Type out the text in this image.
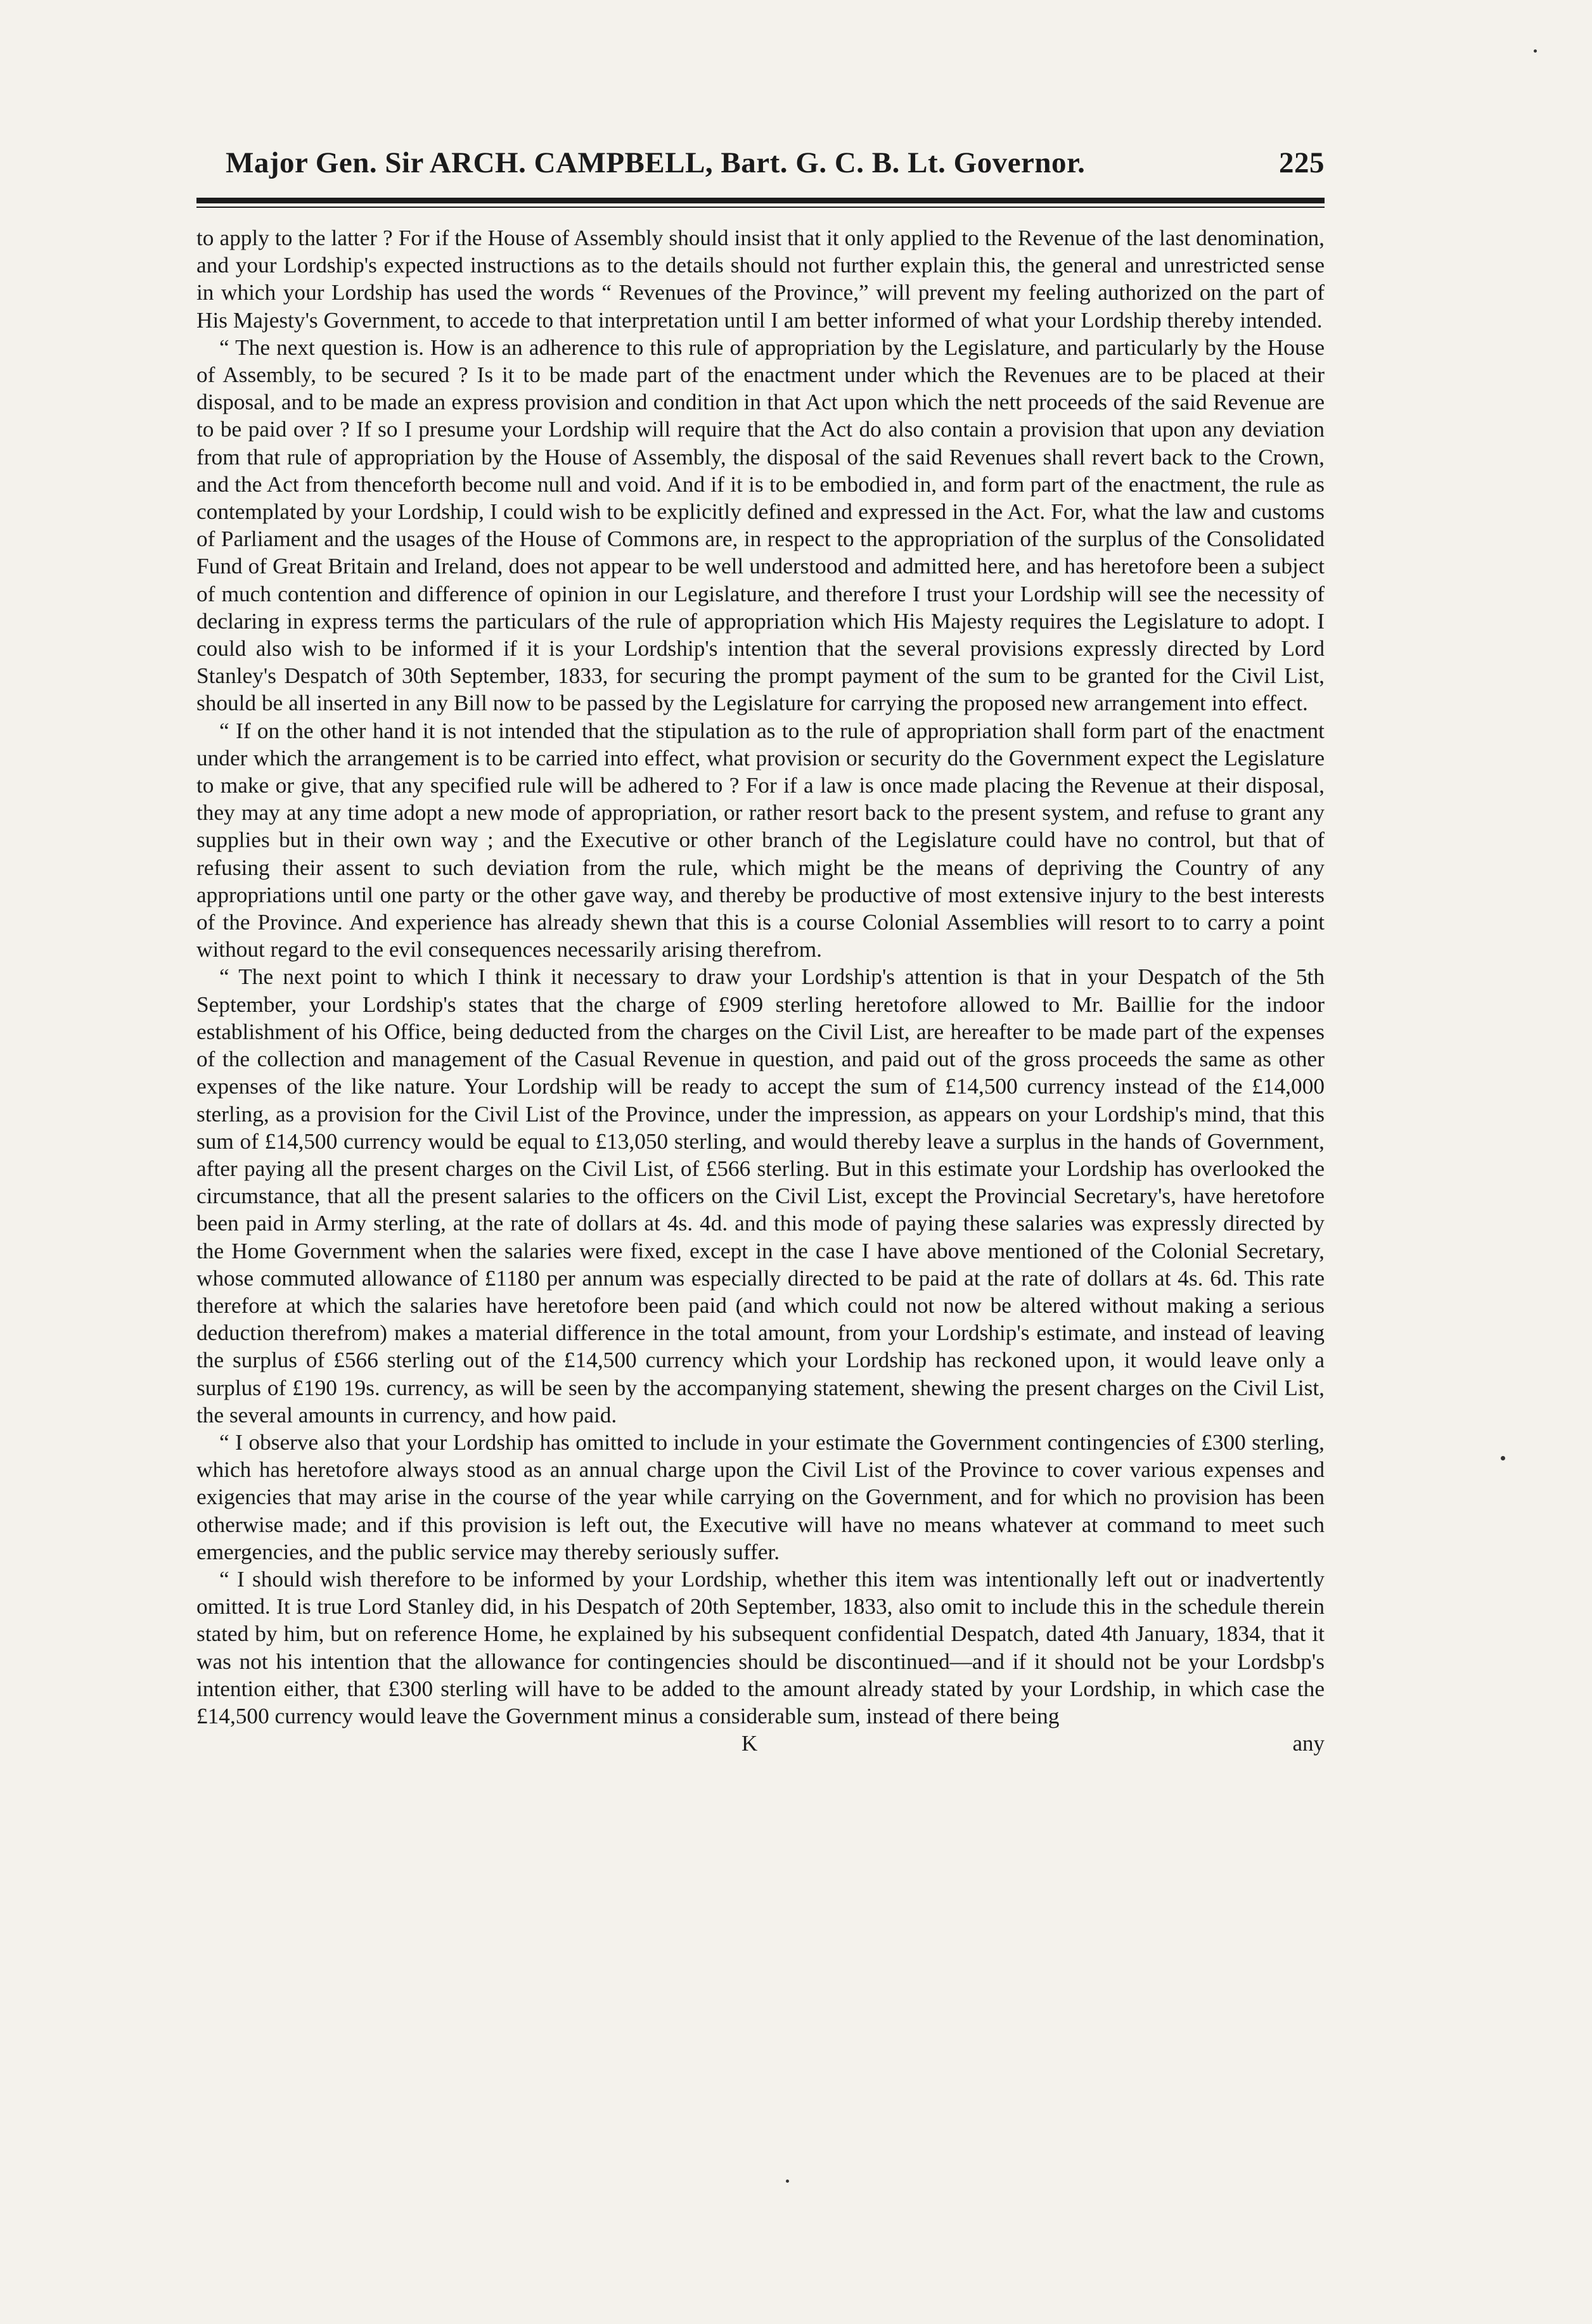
Major Gen. Sir ARCH. CAMPBELL, Bart. G. C. B. Lt. Governor.	225

to apply to the latter ? For if the House of Assembly should insist that it only applied to the Revenue of the last denomination, and your Lordship's expected instructions as to the details should not further explain this, the general and unrestricted sense in which your Lordship has used the words “ Revenues of the Province,” will prevent my feeling authorized on the part of His Majesty's Government, to accede to that interpretation until I am better informed of what your Lordship thereby intended.

“ The next question is. How is an adherence to this rule of appropriation by the Legislature, and particularly by the House of Assembly, to be secured ? Is it to be made part of the enactment under which the Revenues are to be placed at their disposal, and to be made an express provision and condition in that Act upon which the nett proceeds of the said Revenue are to be paid over ? If so I presume your Lordship will require that the Act do also contain a provision that upon any deviation from that rule of appropriation by the House of Assembly, the disposal of the said Revenues shall revert back to the Crown, and the Act from thenceforth become null and void. And if it is to be embodied in, and form part of the enactment, the rule as contemplated by your Lordship, I could wish to be explicitly defined and expressed in the Act. For, what the law and customs of Parliament and the usages of the House of Commons are, in respect to the appropriation of the surplus of the Consolidated Fund of Great Britain and Ireland, does not appear to be well understood and admitted here, and has heretofore been a subject of much contention and difference of opinion in our Legislature, and therefore I trust your Lordship will see the necessity of declaring in express terms the particulars of the rule of appropriation which His Majesty requires the Legislature to adopt. I could also wish to be informed if it is your Lordship's intention that the several provisions expressly directed by Lord Stanley's Despatch of 30th September, 1833, for securing the prompt payment of the sum to be granted for the Civil List, should be all inserted in any Bill now to be passed by the Legislature for carrying the proposed new arrangement into effect.

“ If on the other hand it is not intended that the stipulation as to the rule of appropriation shall form part of the enactment under which the arrangement is to be carried into effect, what provision or security do the Government expect the Legislature to make or give, that any specified rule will be adhered to ? For if a law is once made placing the Revenue at their disposal, they may at any time adopt a new mode of appropriation, or rather resort back to the present system, and refuse to grant any supplies but in their own way ; and the Executive or other branch of the Legislature could have no control, but that of refusing their assent to such deviation from the rule, which might be the means of depriving the Country of any appropriations until one party or the other gave way, and thereby be productive of most extensive injury to the best interests of the Province. And experience has already shewn that this is a course Colonial Assemblies will resort to to carry a point without regard to the evil consequences necessarily arising therefrom.

“ The next point to which I think it necessary to draw your Lordship's attention is that in your Despatch of the 5th September, your Lordship's states that the charge of £909 sterling heretofore allowed to Mr. Baillie for the indoor establishment of his Office, being deducted from the charges on the Civil List, are hereafter to be made part of the expenses of the collection and management of the Casual Revenue in question, and paid out of the gross proceeds the same as other expenses of the like nature. Your Lordship will be ready to accept the sum of £14,500 currency instead of the £14,000 sterling, as a provision for the Civil List of the Province, under the impression, as appears on your Lordship's mind, that this sum of £14,500 currency would be equal to £13,050 sterling, and would thereby leave a surplus in the hands of Government, after paying all the present charges on the Civil List, of £566 sterling. But in this estimate your Lordship has overlooked the circumstance, that all the present salaries to the officers on the Civil List, except the Provincial Secretary's, have heretofore been paid in Army sterling, at the rate of dollars at 4s. 4d. and this mode of paying these salaries was expressly directed by the Home Government when the salaries were fixed, except in the case I have above mentioned of the Colonial Secretary, whose commuted allowance of £1180 per annum was especially directed to be paid at the rate of dollars at 4s. 6d. This rate therefore at which the salaries have heretofore been paid (and which could not now be altered without making a serious deduction therefrom) makes a material difference in the total amount, from your Lordship's estimate, and instead of leaving the surplus of £566 sterling out of the £14,500 currency which your Lordship has reckoned upon, it would leave only a surplus of £190 19s. currency, as will be seen by the accompanying statement, shewing the present charges on the Civil List, the several amounts in currency, and how paid.

“ I observe also that your Lordship has omitted to include in your estimate the Government contingencies of £300 sterling, which has heretofore always stood as an annual charge upon the Civil List of the Province to cover various expenses and exigencies that may arise in the course of the year while carrying on the Government, and for which no provision has been otherwise made; and if this provision is left out, the Executive will have no means whatever at command to meet such emergencies, and the public service may thereby seriously suffer.

“ I should wish therefore to be informed by your Lordship, whether this item was intentionally left out or inadvertently omitted. It is true Lord Stanley did, in his Despatch of 20th September, 1833, also omit to include this in the schedule therein stated by him, but on reference Home, he explained by his subsequent confidential Despatch, dated 4th January, 1834, that it was not his intention that the allowance for contingencies should be discontinued—and if it should not be your Lordsbp's intention either, that £300 sterling will have to be added to the amount already stated by your Lordship, in which case the £14,500 currency would leave the Government minus a considerable sum, instead of there being

K	any
